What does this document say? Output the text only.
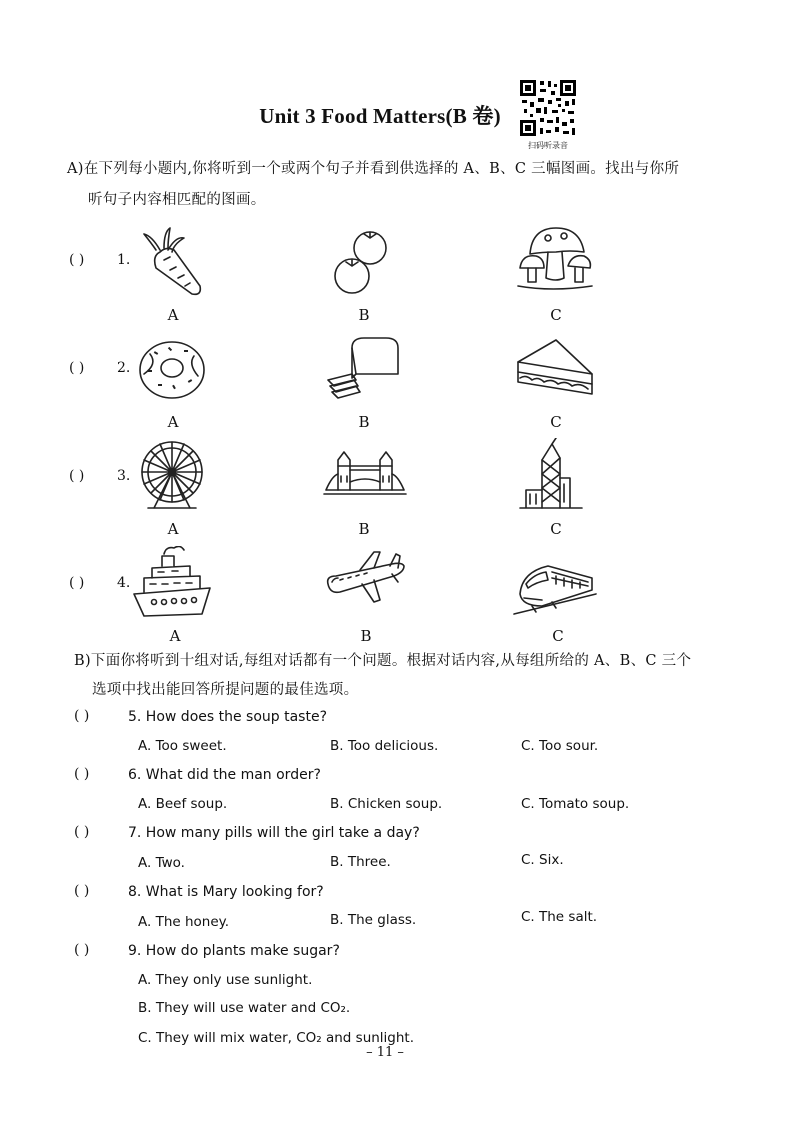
Unit 3 Food Matters(B 卷)
扫码听录音
A)在下列每小题内,你将听到一个或两个句子并看到供选择的 A、B、C 三幅图画。找出与你所
听句子内容相匹配的图画。
( ) 1.
A	B	C
( ) 2.
A	B	C
( ) 3.
A	B	C
( ) 4.
A	B	C
B)下面你将听到十组对话,每组对话都有一个问题。根据对话内容,从每组所给的 A、B、C 三个
选项中找出能回答所提问题的最佳选项。
( )	5. How does the soup taste?
A. Too sweet.	B. Too delicious.	C. Too sour.
( )	6. What did the man order?
A. Beef soup.	B. Chicken soup.	C. Tomato soup.
( )	7. How many pills will the girl take a day?
A. Two.	B. Three.	C. Six.
( )	8. What is Mary looking for?
A. The honey.	B. The glass.	C. The salt.
( )	9. How do plants make sugar?
A. They only use sunlight.
B. They will use water and CO₂.
C. They will mix water, CO₂ and sunlight.
– 11 –
